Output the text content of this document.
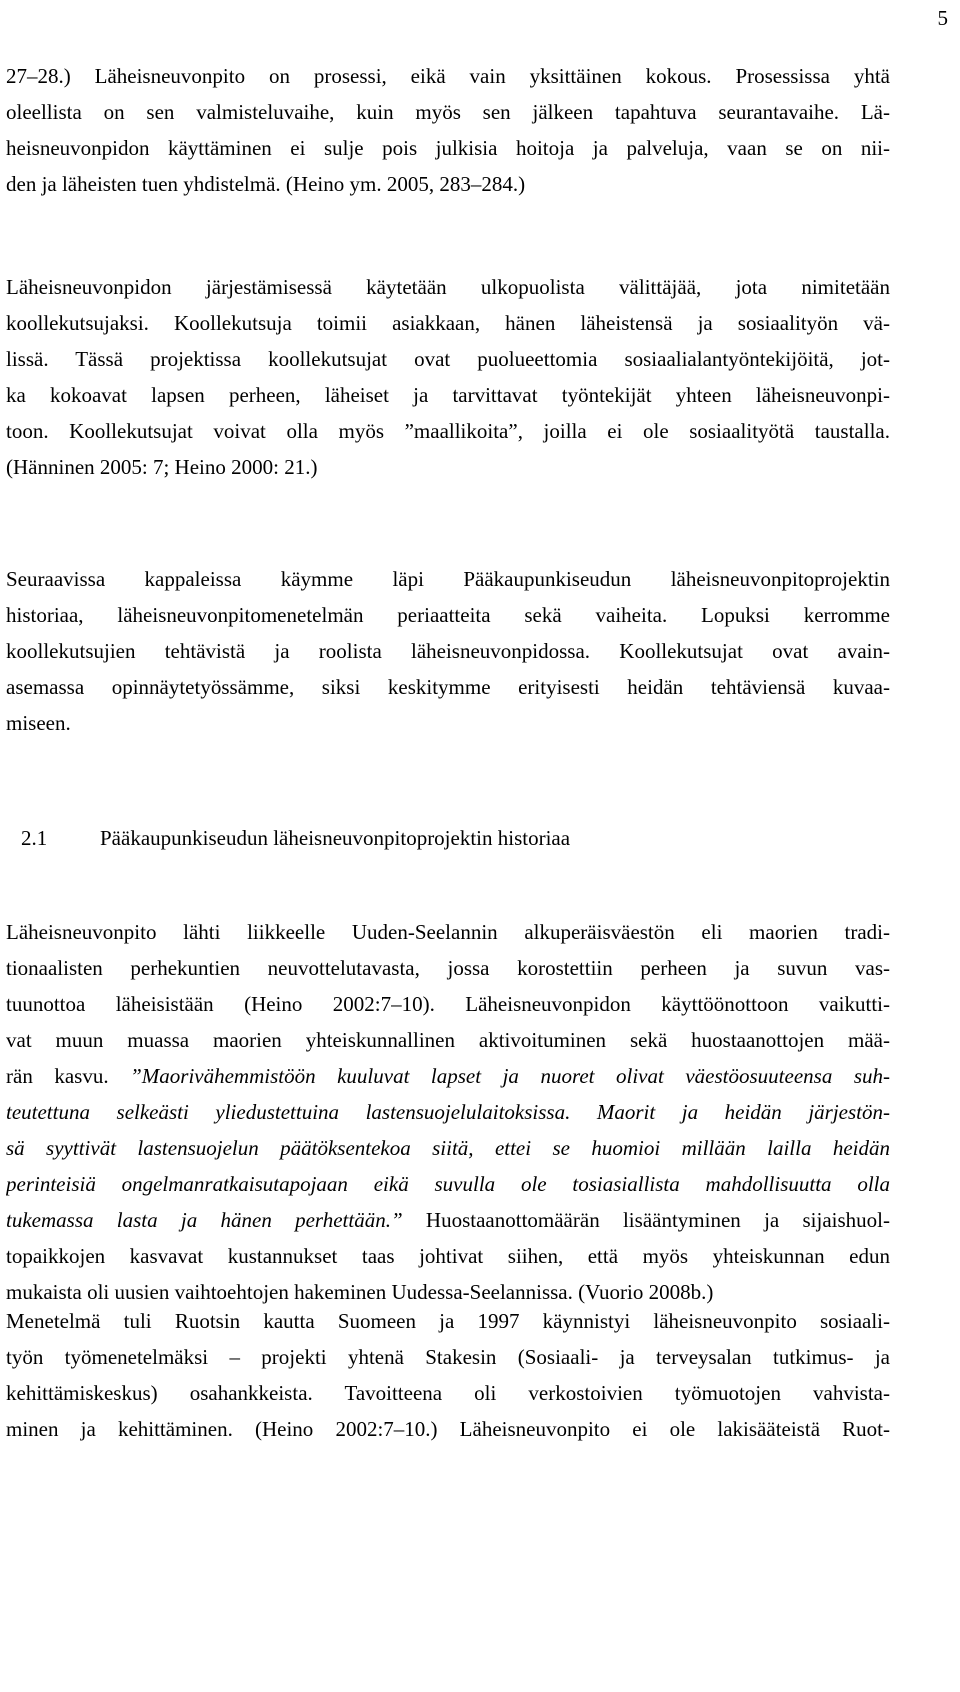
5
27–28.) Läheisneuvonpito on prosessi, eikä vain yksittäinen kokous. Prosessissa yhtä
oleellista on sen valmisteluvaihe, kuin myös sen jälkeen tapahtuva seurantavaihe. Lä-
heisneuvonpidon käyttäminen ei sulje pois julkisia hoitoja ja palveluja, vaan se on nii-
den ja läheisten tuen yhdistelmä. (Heino ym. 2005, 283–284.)
Läheisneuvonpidon järjestämisessä käytetään ulkopuolista välittäjää, jota nimitetään
koollekutsujaksi. Koollekutsuja toimii asiakkaan, hänen läheistensä ja sosiaalityön vä-
lissä. Tässä projektissa koollekutsujat ovat puolueettomia sosiaalialantyöntekijöitä, jot-
ka kokoavat lapsen perheen, läheiset ja tarvittavat työntekijät yhteen läheisneuvonpi-
toon. Koollekutsujat voivat olla myös ”maallikoita”, joilla ei ole sosiaalityötä taustalla.
(Hänninen 2005: 7; Heino 2000: 21.)
Seuraavissa kappaleissa käymme läpi Pääkaupunkiseudun läheisneuvonpitoprojektin
historiaa, läheisneuvonpitomenetelmän periaatteita sekä vaiheita. Lopuksi kerromme
koollekutsujien tehtävistä ja roolista läheisneuvonpidossa. Koollekutsujat ovat avain-
asemassa opinnäytetyössämme, siksi keskitymme erityisesti heidän tehtäviensä kuvaa-
miseen.
2.1	Pääkaupunkiseudun läheisneuvonpitoprojektin historiaa
Läheisneuvonpito lähti liikkeelle Uuden-Seelannin alkuperäisväestön eli maorien tradi-
tionaalisten perhekuntien neuvottelutavasta, jossa korostettiin perheen ja suvun vas-
tuunottoa läheisistään (Heino 2002:7–10). Läheisneuvonpidon käyttöönottoon vaikutti-
vat muun muassa maorien yhteiskunnallinen aktivoituminen sekä huostaanottojen mää-
rän kasvu. ”Maorivähemmistöön kuuluvat lapset ja nuoret olivat väestöosuuteensa suh-
teutettuna selkeästi yliedustettuina lastensuojelulaitoksissa. Maorit ja heidän järjestön-
sä syyttivät lastensuojelun päätöksentekoa siitä, ettei se huomioi millään lailla heidän
perinteisiä ongelmanratkaisutapojaan eikä suvulla ole tosiasiallista mahdollisuutta olla
tukemassa lasta ja hänen perhettään.” Huostaanottomäärän lisääntyminen ja sijaishuol-
topaikkojen kasvavat kustannukset taas johtivat siihen, että myös yhteiskunnan edun
mukaista oli uusien vaihtoehtojen hakeminen Uudessa-Seelannissa. (Vuorio 2008b.)
Menetelmä tuli Ruotsin kautta Suomeen ja 1997 käynnistyi läheisneuvonpito sosiaali-
työn työmenetelmäksi – projekti yhtenä Stakesin (Sosiaali- ja terveysalan tutkimus- ja
kehittämiskeskus) osahankkeista. Tavoitteena oli verkostoivien työmuotojen vahvista-
minen ja kehittäminen. (Heino 2002:7–10.) Läheisneuvonpito ei ole lakisääteistä Ruot-
